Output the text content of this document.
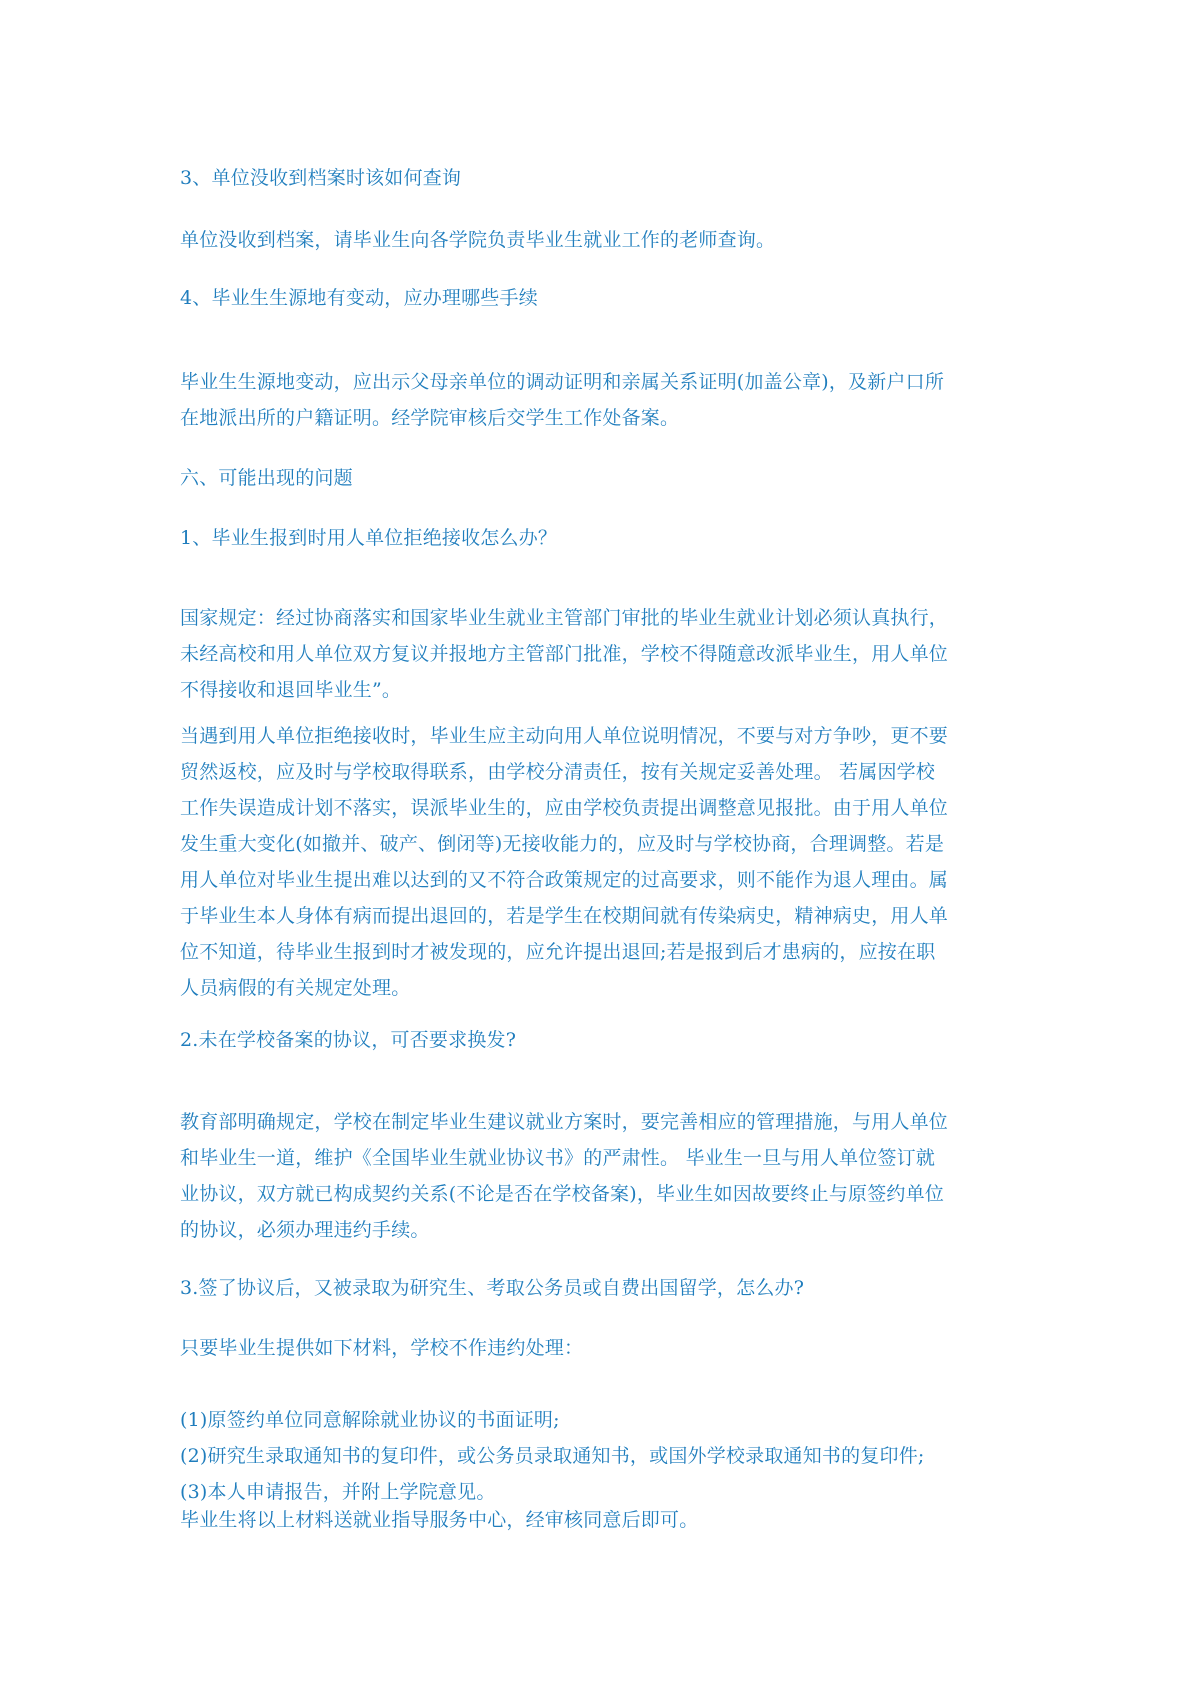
3、单位没收到档案时该如何查询
单位没收到档案，请毕业生向各学院负责毕业生就业工作的老师查询。
4、毕业生生源地有变动，应办理哪些手续
毕业生生源地变动，应出示父母亲单位的调动证明和亲属关系证明(加盖公章)，及新户口所
在地派出所的户籍证明。经学院审核后交学生工作处备案。
六、可能出现的问题
1、毕业生报到时用人单位拒绝接收怎么办？
国家规定：经过协商落实和国家毕业生就业主管部门审批的毕业生就业计划必须认真执行，
未经高校和用人单位双方复议并报地方主管部门批准，学校不得随意改派毕业生，用人单位
不得接收和退回毕业生”。
当遇到用人单位拒绝接收时，毕业生应主动向用人单位说明情况，不要与对方争吵，更不要
贸然返校，应及时与学校取得联系，由学校分清责任，按有关规定妥善处理。 若属因学校
工作失误造成计划不落实，误派毕业生的，应由学校负责提出调整意见报批。由于用人单位
发生重大变化(如撤并、破产、倒闭等)无接收能力的，应及时与学校协商，合理调整。若是
用人单位对毕业生提出难以达到的又不符合政策规定的过高要求，则不能作为退人理由。属
于毕业生本人身体有病而提出退回的，若是学生在校期间就有传染病史，精神病史，用人单
位不知道，待毕业生报到时才被发现的，应允许提出退回;若是报到后才患病的，应按在职
人员病假的有关规定处理。
2.未在学校备案的协议，可否要求换发?
教育部明确规定，学校在制定毕业生建议就业方案时，要完善相应的管理措施，与用人单位
和毕业生一道，维护《全国毕业生就业协议书》的严肃性。 毕业生一旦与用人单位签订就
业协议，双方就已构成契约关系(不论是否在学校备案)，毕业生如因故要终止与原签约单位
的协议，必须办理违约手续。
3.签了协议后，又被录取为研究生、考取公务员或自费出国留学，怎么办?
只要毕业生提供如下材料，学校不作违约处理：
(1)原签约单位同意解除就业协议的书面证明;
(2)研究生录取通知书的复印件，或公务员录取通知书，或国外学校录取通知书的复印件;
(3)本人申请报告，并附上学院意见。
毕业生将以上材料送就业指导服务中心，经审核同意后即可。
